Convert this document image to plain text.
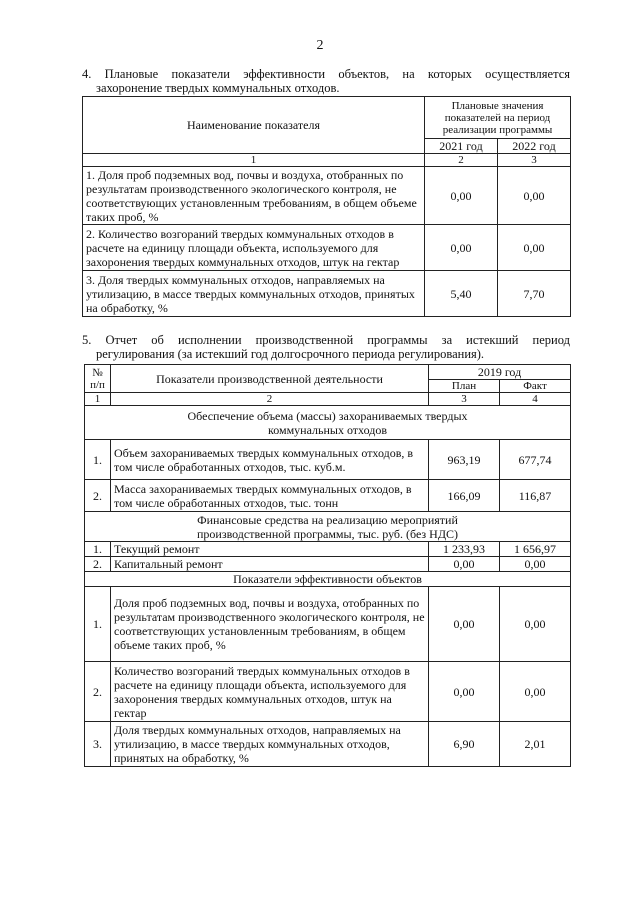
2
4. Плановые показатели эффективности объектов, на которых осуществляется
захоронение твердых коммунальных отходов.
Наименование показателя	Плановые значения показателей на период реализации программы	
	2021 год	2022 год
1	2	3
1. Доля проб подземных вод, почвы и воздуха, отобранных по результатам производственного экологического контроля, не соответствующих установленным требованиям, в общем объеме таких проб, %	0,00	0,00
2. Количество возгораний твердых коммунальных отходов в расчете на единицу площади объекта, используемого для захоронения твердых коммунальных отходов, штук на гектар	0,00	0,00
3. Доля твердых коммунальных отходов, направляемых на утилизацию, в массе твердых коммунальных отходов, принятых на обработку, %	5,40	7,70
5. Отчет об исполнении производственной программы за истекший период
регулирования (за истекший год долгосрочного периода регулирования).
№ п/п	Показатели производственной деятельности	2019 год	
		План	Факт
1	2	3	4
Обеспечение объема (массы) захораниваемых твердых коммунальных отходов			
1.	Объем захораниваемых твердых коммунальных отходов, в том числе обработанных отходов, тыс. куб.м.	963,19	677,74
2.	Масса захораниваемых твердых коммунальных отходов, в том числе обработанных отходов, тыс. тонн	166,09	116,87
Финансовые средства на реализацию мероприятий производственной программы, тыс. руб. (без НДС)			
1.	Текущий ремонт	1 233,93	1 656,97
2.	Капитальный ремонт	0,00	0,00
Показатели эффективности объектов			
1.	Доля проб подземных вод, почвы и воздуха, отобранных по результатам производственного экологического контроля, не соответствующих установленным требованиям, в общем объеме таких проб, %	0,00	0,00
2.	Количество возгораний твердых коммунальных отходов в расчете на единицу площади объекта, используемого для захоронения твердых коммунальных отходов, штук на гектар	0,00	0,00
3.	Доля твердых коммунальных отходов, направляемых на утилизацию, в массе твердых коммунальных отходов, принятых на обработку, %	6,90	2,01
